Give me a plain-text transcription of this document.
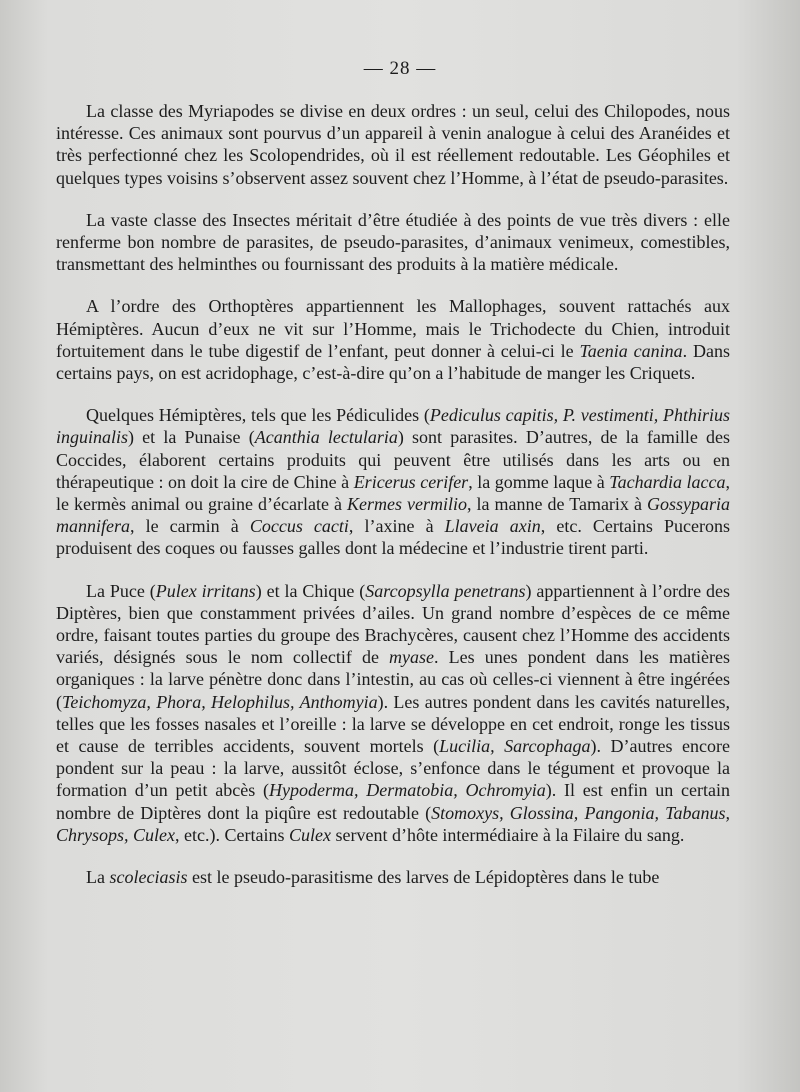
— 28 —

La classe des Myriapodes se divise en deux ordres : un seul, celui des Chilopodes, nous intéresse. Ces animaux sont pourvus d’un appareil à venin analogue à celui des Aranéides et très perfectionné chez les Scolopendrides, où il est réellement redoutable. Les Géophiles et quelques types voisins s’observent assez souvent chez l’Homme, à l’état de pseudo-parasites.

La vaste classe des Insectes méritait d’être étudiée à des points de vue très divers : elle renferme bon nombre de parasites, de pseudo-parasites, d’animaux venimeux, comestibles, transmettant des helminthes ou fournissant des produits à la matière médicale.

A l’ordre des Orthoptères appartiennent les Mallophages, souvent rattachés aux Hémiptères. Aucun d’eux ne vit sur l’Homme, mais le Trichodecte du Chien, introduit fortuitement dans le tube digestif de l’enfant, peut donner à celui-ci le Taenia canina. Dans certains pays, on est acridophage, c’est-à-dire qu’on a l’habitude de manger les Criquets.

Quelques Hémiptères, tels que les Pédiculides (Pediculus capitis, P. vestimenti, Phthirius inguinalis) et la Punaise (Acanthia lectularia) sont parasites. D’autres, de la famille des Coccides, élaborent certains produits qui peuvent être utilisés dans les arts ou en thérapeutique : on doit la cire de Chine à Ericerus cerifer, la gomme laque à Tachardia lacca, le kermès animal ou graine d’écarlate à Kermes vermilio, la manne de Tamarix à Gossyparia mannifera, le carmin à Coccus cacti, l’axine à Llaveia axin, etc. Certains Pucerons produisent des coques ou fausses galles dont la médecine et l’industrie tirent parti.

La Puce (Pulex irritans) et la Chique (Sarcopsylla penetrans) appartiennent à l’ordre des Diptères, bien que constamment privées d’ailes. Un grand nombre d’espèces de ce même ordre, faisant toutes parties du groupe des Brachycères, causent chez l’Homme des accidents variés, désignés sous le nom collectif de myase. Les unes pondent dans les matières organiques : la larve pénètre donc dans l’intestin, au cas où celles-ci viennent à être ingérées (Teichomyza, Phora, Helophilus, Anthomyia). Les autres pondent dans les cavités naturelles, telles que les fosses nasales et l’oreille : la larve se développe en cet endroit, ronge les tissus et cause de terribles accidents, souvent mortels (Lucilia, Sarcophaga). D’autres encore pondent sur la peau : la larve, aussitôt éclose, s’enfonce dans le tégument et provoque la formation d’un petit abcès (Hypoderma, Dermatobia, Ochromyia). Il est enfin un certain nombre de Diptères dont la piqûre est redoutable (Stomoxys, Glossina, Pangonia, Tabanus, Chrysops, Culex, etc.). Certains Culex servent d’hôte intermédiaire à la Filaire du sang.

La scoleciasis est le pseudo-parasitisme des larves de Lépidoptères dans le tube
